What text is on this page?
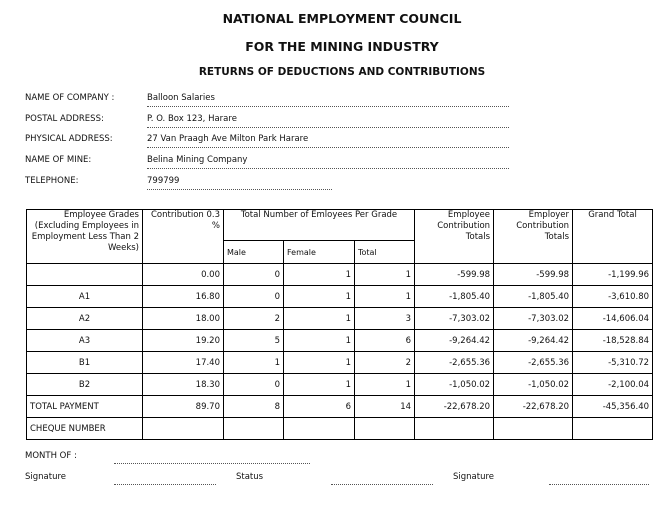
NATIONAL EMPLOYMENT COUNCIL
FOR THE MINING INDUSTRY
RETURNS OF DEDUCTIONS AND CONTRIBUTIONS
NAME OF COMPANY :	Balloon Salaries
POSTAL ADDRESS:	P. O. Box 123, Harare
PHYSICAL ADDRESS:	27 Van Praagh Ave Milton Park Harare
NAME OF MINE:	Belina Mining Company
TELEPHONE:	799799
Employee Grades (Excluding Employees in Employment Less Than 2 Weeks)	Contribution 0.3 %	Total Number of Emloyees Per Grade			Employee Contribution Totals	Employer Contribution Totals	Grand Total
		Male	Female	Total			
	0.00	0	1	1	-599.98	-599.98	-1,199.96
A1	16.80	0	1	1	-1,805.40	-1,805.40	-3,610.80
A2	18.00	2	1	3	-7,303.02	-7,303.02	-14,606.04
A3	19.20	5	1	6	-9,264.42	-9,264.42	-18,528.84
B1	17.40	1	1	2	-2,655.36	-2,655.36	-5,310.72
B2	18.30	0	1	1	-1,050.02	-1,050.02	-2,100.04
TOTAL PAYMENT	89.70	8	6	14	-22,678.20	-22,678.20	-45,356.40
CHEQUE NUMBER							
MONTH OF :
Signature	Status	Signature
